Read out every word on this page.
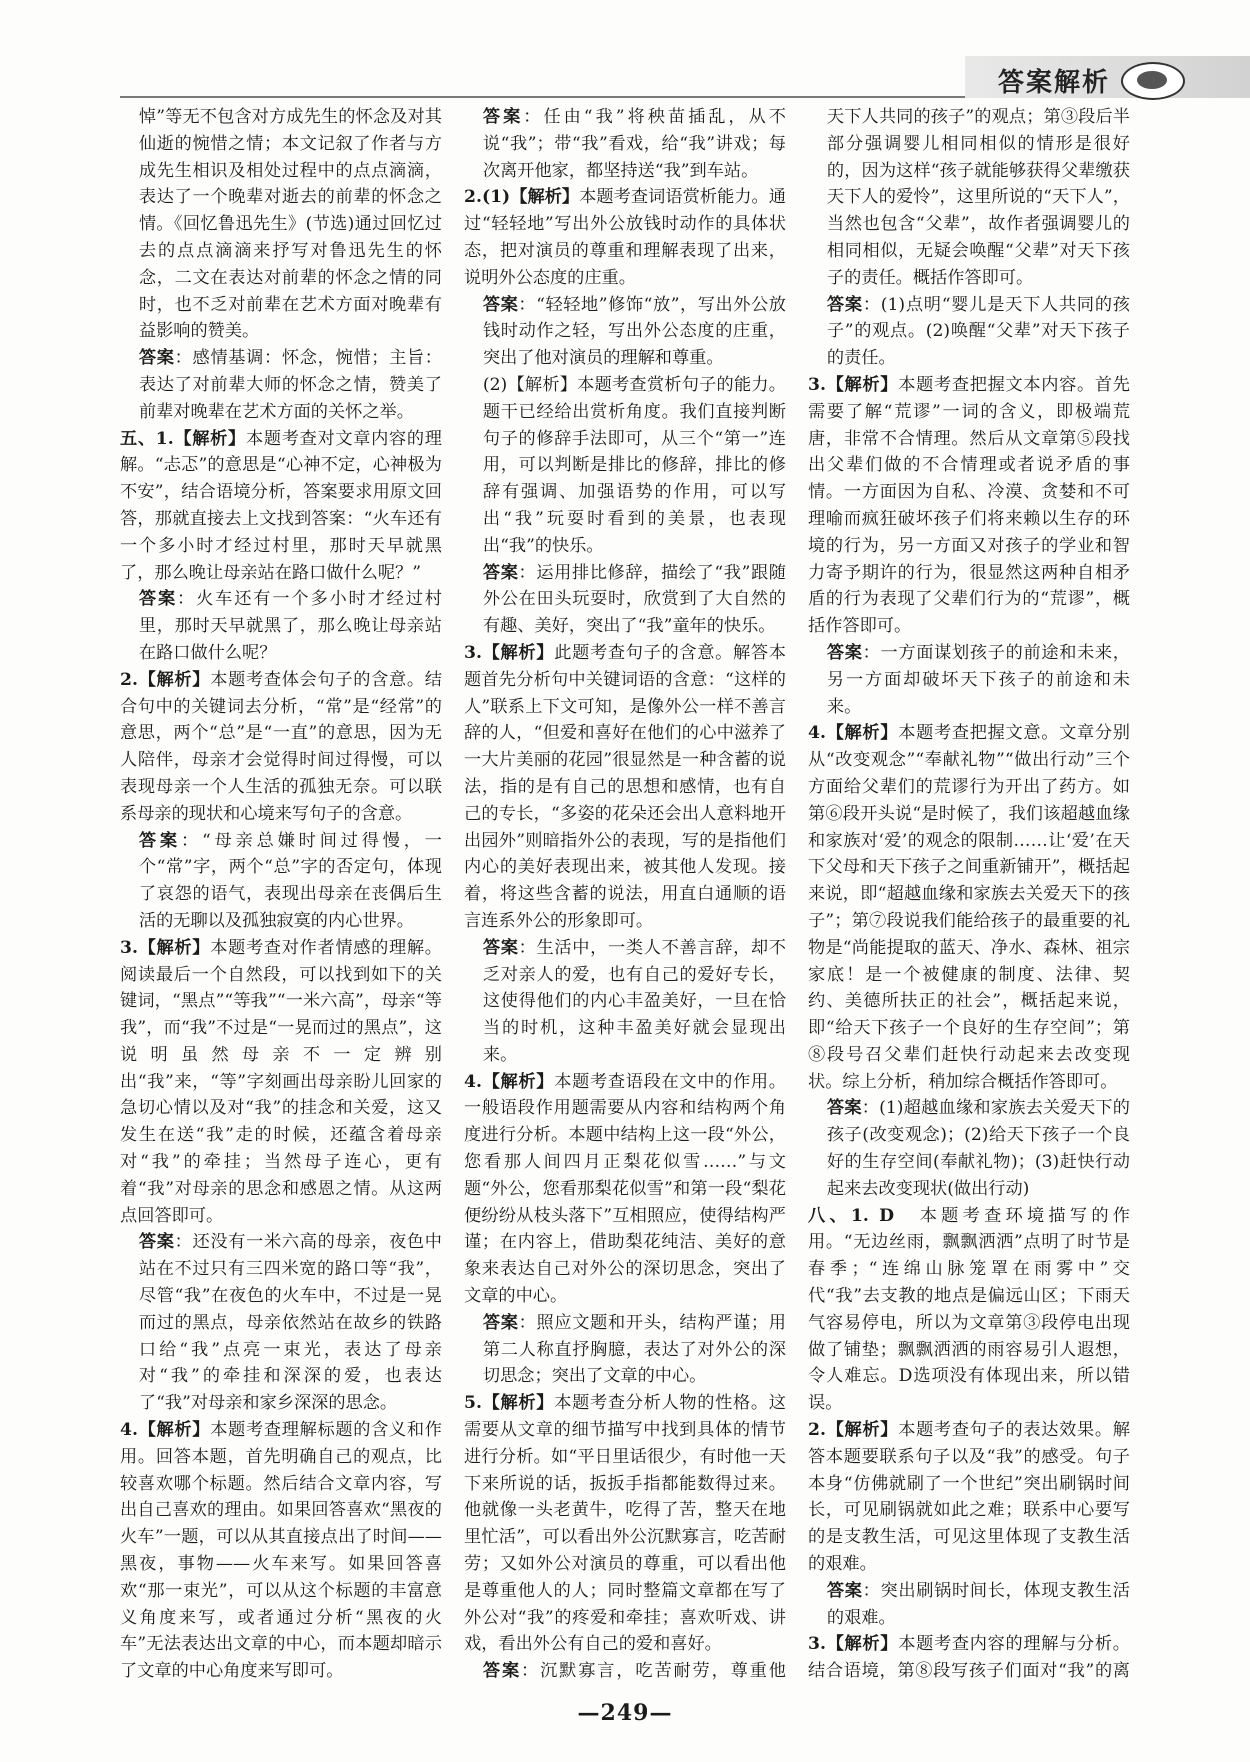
答案解析

悼”等无不包含对方成先生的怀念及对其仙逝的惋惜之情；本文记叙了作者与方成先生相识及相处过程中的点点滴滴，表达了一个晚辈对逝去的前辈的怀念之情。《回忆鲁迅先生》(节选)通过回忆过去的点点滴滴来抒写对鲁迅先生的怀念，二文在表达对前辈的怀念之情的同时，也不乏对前辈在艺术方面对晚辈有益影响的赞美。

答案：感情基调：怀念，惋惜；主旨：表达了对前辈大师的怀念之情，赞美了前辈对晚辈在艺术方面的关怀之举。

五、1.【解析】本题考查对文章内容的理解。“忐忑”的意思是“心神不定，心神极为不安”，结合语境分析，答案要求用原文回答，那就直接去上文找到答案：“火车还有一个多小时才经过村里，那时天早就黑了，那么晚让母亲站在路口做什么呢？”

答案：火车还有一个多小时才经过村里，那时天早就黑了，那么晚让母亲站在路口做什么呢？

2.【解析】本题考查体会句子的含意。结合句中的关键词去分析，“常”是“经常”的意思，两个“总”是“一直”的意思，因为无人陪伴，母亲才会觉得时间过得慢，可以表现母亲一个人生活的孤独无奈。可以联系母亲的现状和心境来写句子的含意。

答案：“母亲总嫌时间过得慢，一个“常”字，两个“总”字的否定句，体现了哀怨的语气，表现出母亲在丧偶后生活的无聊以及孤独寂寞的内心世界。

3.【解析】本题考查对作者情感的理解。阅读最后一个自然段，可以找到如下的关键词，“黑点”“等我”“一米六高”，母亲“等我”，而“我”不过是“一晃而过的黑点”，这说明虽然母亲不一定辨别出“我”来，“等”字刻画出母亲盼儿回家的急切心情以及对“我”的挂念和关爱，这又发生在送“我”走的时候，还蕴含着母亲对“我”的牵挂；当然母子连心，更有着“我”对母亲的思念和感恩之情。从这两点回答即可。

答案：还没有一米六高的母亲，夜色中站在不过只有三四米宽的路口等“我”，尽管“我”在夜色的火车中，不过是一晃而过的黑点，母亲依然站在故乡的铁路口给“我”点亮一束光，表达了母亲对“我”的牵挂和深深的爱，也表达了“我”对母亲和家乡深深的思念。

4.【解析】本题考查理解标题的含义和作用。回答本题，首先明确自己的观点，比较喜欢哪个标题。然后结合文章内容，写出自己喜欢的理由。如果回答喜欢“黑夜的火车”一题，可以从其直接点出了时间——黑夜，事物——火车来写。如果回答喜欢“那一束光”，可以从这个标题的丰富意义角度来写，或者通过分析“黑夜的火车”无法表达出文章的中心，而本题却暗示了文章的中心角度来写即可。

答案：任由“我”将秧苗插乱，从不说“我”；带“我”看戏，给“我”讲戏；每次离开他家，都坚持送“我”到车站。

2.(1)【解析】本题考查词语赏析能力。通过“轻轻地”写出外公放钱时动作的具体状态，把对演员的尊重和理解表现了出来，说明外公态度的庄重。

答案：“轻轻地”修饰“放”，写出外公放钱时动作之轻，写出外公态度的庄重，突出了他对演员的理解和尊重。

(2)【解析】本题考查赏析句子的能力。题干已经给出赏析角度。我们直接判断句子的修辞手法即可，从三个“第一”连用，可以判断是排比的修辞，排比的修辞有强调、加强语势的作用，可以写出“我”玩耍时看到的美景，也表现出“我”的快乐。

答案：运用排比修辞，描绘了“我”跟随外公在田头玩耍时，欣赏到了大自然的有趣、美好，突出了“我”童年的快乐。

3.【解析】此题考查句子的含意。解答本题首先分析句中关键词语的含意：“这样的人”联系上下文可知，是像外公一样不善言辞的人，“但爱和喜好在他们的心中滋养了一大片美丽的花园”很显然是一种含蓄的说法，指的是有自己的思想和感情，也有自己的专长，“多姿的花朵还会出人意料地开出园外”则暗指外公的表现，写的是指他们内心的美好表现出来，被其他人发现。接着，将这些含蓄的说法，用直白通顺的语言连系外公的形象即可。

答案：生活中，一类人不善言辞，却不乏对亲人的爱，也有自己的爱好专长，这使得他们的内心丰盈美好，一旦在恰当的时机，这种丰盈美好就会显现出来。

4.【解析】本题考查语段在文中的作用。一般语段作用题需要从内容和结构两个角度进行分析。本题中结构上这一段“外公，您看那人间四月正梨花似雪……”与文题“外公，您看那梨花似雪”和第一段“梨花便纷纷从枝头落下”互相照应，使得结构严谨；在内容上，借助梨花纯洁、美好的意象来表达自己对外公的深切思念，突出了文章的中心。

答案：照应文题和开头，结构严谨；用第二人称直抒胸臆，表达了对外公的深切思念；突出了文章的中心。

5.【解析】本题考查分析人物的性格。这需要从文章的细节描写中找到具体的情节进行分析。如“平日里话很少，有时他一天下来所说的话，扳扳手指都能数得过来。他就像一头老黄牛，吃得了苦，整天在地里忙活”，可以看出外公沉默寡言，吃苦耐劳；又如外公对演员的尊重，可以看出他是尊重他人的人；同时整篇文章都在写了外公对“我”的疼爱和牵挂；喜欢听戏、讲戏，看出外公有自己的爱和喜好。

答案：沉默寡言，吃苦耐劳，尊重他

天下人共同的孩子”的观点；第③段后半部分强调婴儿相同相似的情形是很好的，因为这样“孩子就能够获得父辈缴获天下人的爱怜”，这里所说的“天下人”，当然也包含“父辈”，故作者强调婴儿的相同相似，无疑会唤醒“父辈”对天下孩子的责任。概括作答即可。

答案：(1)点明“婴儿是天下人共同的孩子”的观点。(2)唤醒“父辈”对天下孩子的责任。

3.【解析】本题考查把握文本内容。首先需要了解“荒谬”一词的含义，即极端荒唐，非常不合情理。然后从文章第⑤段找出父辈们做的不合情理或者说矛盾的事情。一方面因为自私、冷漠、贪婪和不可理喻而疯狂破坏孩子们将来赖以生存的环境的行为，另一方面又对孩子的学业和智力寄予期许的行为，很显然这两种自相矛盾的行为表现了父辈们行为的“荒谬”，概括作答即可。

答案：一方面谋划孩子的前途和未来，另一方面却破坏天下孩子的前途和未来。

4.【解析】本题考查把握文意。文章分别从“改变观念”“奉献礼物”“做出行动”三个方面给父辈们的荒谬行为开出了药方。如第⑥段开头说“是时候了，我们该超越血缘和家族对‘爱’的观念的限制……让‘爱’在天下父母和天下孩子之间重新铺开”，概括起来说，即“超越血缘和家族去关爱天下的孩子”；第⑦段说我们能给孩子的最重要的礼物是“尚能提取的蓝天、净水、森林、祖宗家底！是一个被健康的制度、法律、契约、美德所扶正的社会”，概括起来说，即“给天下孩子一个良好的生存空间”；第⑧段号召父辈们赶快行动起来去改变现状。综上分析，稍加综合概括作答即可。

答案：(1)超越血缘和家族去关爱天下的孩子(改变观念)；(2)给天下孩子一个良好的生存空间(奉献礼物)；(3)赶快行动起来去改变现状(做出行动)

八、1. D　本题考查环境描写的作用。“无边丝雨，飘飘洒洒”点明了时节是春季；“连绵山脉笼罩在雨雾中”交代“我”去支教的地点是偏远山区；下雨天气容易停电，所以为文章第③段停电出现做了铺垫；飘飘洒洒的雨容易引人遐想，令人难忘。D选项没有体现出来，所以错误。

2.【解析】本题考查句子的表达效果。解答本题要联系句子以及“我”的感受。句子本身“仿佛就刷了一个世纪”突出刷锅时间长，可见刷锅就如此之难；联系中心要写的是支教生活，可见这里体现了支教生活的艰难。

答案：突出刷锅时间长，体现支教生活的艰难。

3.【解析】本题考查内容的理解与分析。结合语境，第⑧段写孩子们面对“我”的离

—249—
